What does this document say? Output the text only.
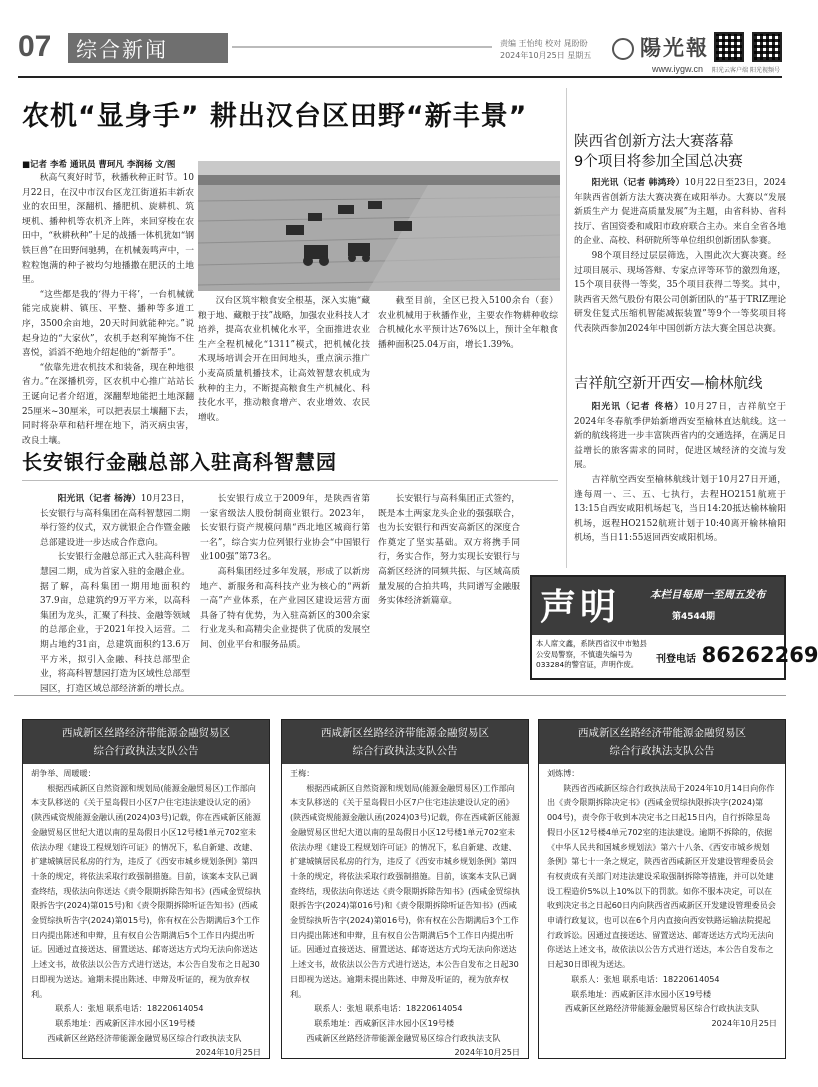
07	综合新闻	责编 王怡纯 校对 晁盼盼
2024年10月25日 星期五 陽光報
www.iygw.cn 阳光云客户端 阳光视频号
农机“显身手” 耕出汉台区田野“新丰景”
■记者 李希 通讯员 曹珂凡 李润杨 文/图

秋高气爽好时节，秋播秋种正时节。10月22日，在汉中市汉台区龙江街道拓丰新农业的农田里，深翻机、播肥机、旋耕机、筑埂机、播种机等农机齐上阵，来回穿梭在农田中，“秋耕秋种”十足的战播一体机犹如“钢铁巨兽”在田野间驰骋，在机械轰鸣声中，一粒粒饱满的种子被均匀地播撒在肥沃的土地里。

“这些都是我的‘得力干将’，一台机械就能完成旋耕、镇压、平整、播种等多道工序，3500余亩地，20天时间就能种完。”说起身边的“大家伙”，农机手赵利军掩饰不住喜悦，滔滔不绝地介绍起他的“新帮手”。

“依靠先进农机技术和装备，现在种地很省力。”在深播机旁，区农机中心推广站站长王诞向记者介绍道，深翻犁地能把土地深翻25厘米~30厘米，可以把表层土壤翻下去，同时将杂草和秸秆埋在地下，消灭病虫害，改良土壤。

汉台区筑牢粮食安全根基，深入实施“藏粮于地、藏粮于技”战略，加强农业科技人才培养，提高农业机械化水平，全面推进农业生产全程机械化“1311”模式，把机械化技术现场培训会开在田间地头，重点演示推广小麦高质量机播技术，让高效智慧农机成为秋种的主力，不断提高粮食生产机械化、科技化水平，推动粮食增产、农业增效、农民增收。

截至目前，全区已投入5100余台（套）农业机械用于秋播作业，主要农作物耕种收综合机械化水平预计达76%以上，预计全年粮食播种面积25.04万亩，增长1.39%。

长安银行金融总部入驻高科智慧园

阳光讯（记者 杨涛）10月23日，长安银行与高科集团在高科智慧园二期举行签约仪式，双方就银企合作暨金融总部建设进一步达成合作意向。

长安银行金融总部正式入驻高科智慧园二期，成为首家入驻的金融企业。据了解，高科集团一期用地面积约37.9亩，总建筑约9万平方米，以高科集团为龙头，汇聚了科技、金融等领域的总部企业，于2021年投入运营。二期占地约31亩，总建筑面积约13.6万平方米，拟引入金融、科技总部型企业，将高科智慧园打造为区域性总部型园区，打造区域总部经济新的增长点。

长安银行成立于2009年，是陕西省第一家省级法人股份制商业银行。2023年，长安银行资产规模问鼎“西北地区城商行第一名”，综合实力位列银行业协会“中国银行业100强”第73名。

高科集团经过多年发展，形成了以新房地产、新服务和高科技产业为核心的“两新一高”产业体系，在产业园区建设运营方面具备了特有优势，为入驻高新区的300余家行业龙头和高精尖企业提供了优质的发展空间、创业平台和服务品质。

长安银行与高科集团正式签约，既是本土两家龙头企业的强强联合，也为长安银行和西安高新区的深度合作奠定了坚实基础。双方将携手同行，务实合作，努力实现长安银行与高新区经济的同频共振、与区域高质量发展的合拍共鸣，共同谱写金融服务实体经济新篇章。

陕西省创新方法大赛落幕
9个项目将参加全国总决赛

阳光讯（记者 韩鸿玲）10月22日至23日，2024年陕西省创新方法大赛决赛在咸阳举办。大赛以“发展新质生产力 促进高质量发展”为主题，由省科协、省科技厅、省国资委和咸阳市政府联合主办。来自全省各地的企业、高校、科研院所等单位组织创新团队参赛。

98个项目经过层层筛选，入围此次大赛决赛。经过项目展示、现场答辩、专家点评等环节的激烈角逐，15个项目获得一等奖，35个项目获得二等奖。其中，陕西省天然气股份有限公司创新团队的“基于TRIZ理论研发住复式压缩机智能减振装置”等9个一等奖项目将代表陕西参加2024年中国创新方法大赛全国总决赛。

吉祥航空新开西安—榆林航线

阳光讯（记者 佟格）10月27日，吉祥航空于2024年冬春航季伊始新增西安至榆林直达航线。这一新的航线将进一步丰富陕西省内的交通选择，在满足日益增长的旅客需求的同时，促进区域经济的交流与发展。

吉祥航空西安至榆林航线计划于10月27日开通，逢每周一、三、五、七执行，去程HO2151航班于13:15自西安咸阳机场起飞，当日14:20抵达榆林榆阳机场，返程HO2152航班计划于10:40离开榆林榆阳机场，当日11:55返回西安咸阳机场。

声明	本栏目每周一至周五发布
第4544期
本人席文鑫，系陕西省汉中市勉县公安局警察，不慎遗失编号为033284的警官证，声明作废。	刊登电话 86262269
西咸新区丝路经济带能源金融贸易区
综合行政执法支队公告

胡争举、周暖暖：

根据西咸新区自然资源和规划局(能源金融贸易区)工作部向本支队移送的《关于星岛假日小区7户住宅违法建设认定的函》(陕西咸资规能源金融认函(2024)03号)记载，你在西咸新区能源金融贸易区世纪大道以南的星岛假日小区12号楼1单元702室未依法办理《建设工程规划许可证》的情况下，私自新建、改建、扩建城镇居民私房的行为，违反了《西安市城乡规划条例》第四十条的规定，将依法采取行政强制措施。目前，该案本支队已调查终结，现依法向你送达《责令限期拆除告知书》(西咸金贸综执限拆告字(2024)第015号)和《责令限期拆除听证告知书》(西咸金贸综执听告字(2024)第015号)，你有权在公告期满后3个工作日内提出陈述和申辩，且有权自公告期满后5个工作日内提出听证。因通过直接送达、留置送达、邮寄送达方式均无法向你送达上述文书，故依法以公告方式进行送达，本公告自发布之日起30日即视为送达。逾期未提出陈述、申辩及听证的，视为放弃权利。

联系人：张旭 联系电话：18220614054

联系地址：西咸新区沣水园小区19号楼

西咸新区丝路经济带能源金融贸易区综合行政执法支队

2024年10月25日

西咸新区丝路经济带能源金融贸易区
综合行政执法支队公告

王梅：

根据西咸新区自然资源和规划局(能源金融贸易区)工作部向本支队移送的《关于星岛假日小区7户住宅违法建设认定的函》(陕西咸资规能源金融认函(2024)03号)记载，你在西咸新区能源金融贸易区世纪大道以南的星岛假日小区12号楼1单元702室未依法办理《建设工程规划许可证》的情况下，私自新建、改建、扩建城镇居民私房的行为，违反了《西安市城乡规划条例》第四十条的规定，将依法采取行政强制措施。目前，该案本支队已调查终结，现依法向你送达《责令限期拆除告知书》(西咸金贸综执限拆告字(2024)第016号)和《责令限期拆除听证告知书》(西咸金贸综执听告字(2024)第016号)，你有权在公告期满后3个工作日内提出陈述和申辩，且有权自公告期满后5个工作日内提出听证。因通过直接送达、留置送达、邮寄送达方式均无法向你送达上述文书，故依法以公告方式进行送达，本公告自发布之日起30日即视为送达。逾期未提出陈述、申辩及听证的，视为放弃权利。

联系人：张旭 联系电话：18220614054

联系地址：西咸新区沣水园小区19号楼

西咸新区丝路经济带能源金融贸易区综合行政执法支队

2024年10月25日

西咸新区丝路经济带能源金融贸易区
综合行政执法支队公告

刘炼博：

陕西省西咸新区综合行政执法局于2024年10月14日向你作出《责令限期拆除决定书》(西咸金贸综执限拆决字(2024)第004号)，责令你于收到本决定书之日起15日内，自行拆除星岛假日小区12号楼4单元702室的违法建设。逾期不拆除的，依据《中华人民共和国城乡规划法》第六十八条、《西安市城乡规划条例》第七十一条之规定，陕西省西咸新区开发建设管理委员会有权责成有关部门对违法建设采取强制拆除等措施，并可以处建设工程造价5%以上10%以下的罚款。如你不服本决定，可以在收到决定书之日起60日内向陕西省西咸新区开发建设管理委员会申请行政复议，也可以在6个月内直接向西安铁路运输法院提起行政诉讼。因通过直接送达、留置送达、邮寄送达方式均无法向你送达上述文书，故依法以公告方式进行送达，本公告自发布之日起30日即视为送达。

联系人：张旭 联系电话：18220614054

联系地址：西咸新区沣水园小区19号楼

西咸新区丝路经济带能源金融贸易区综合行政执法支队

2024年10月25日
